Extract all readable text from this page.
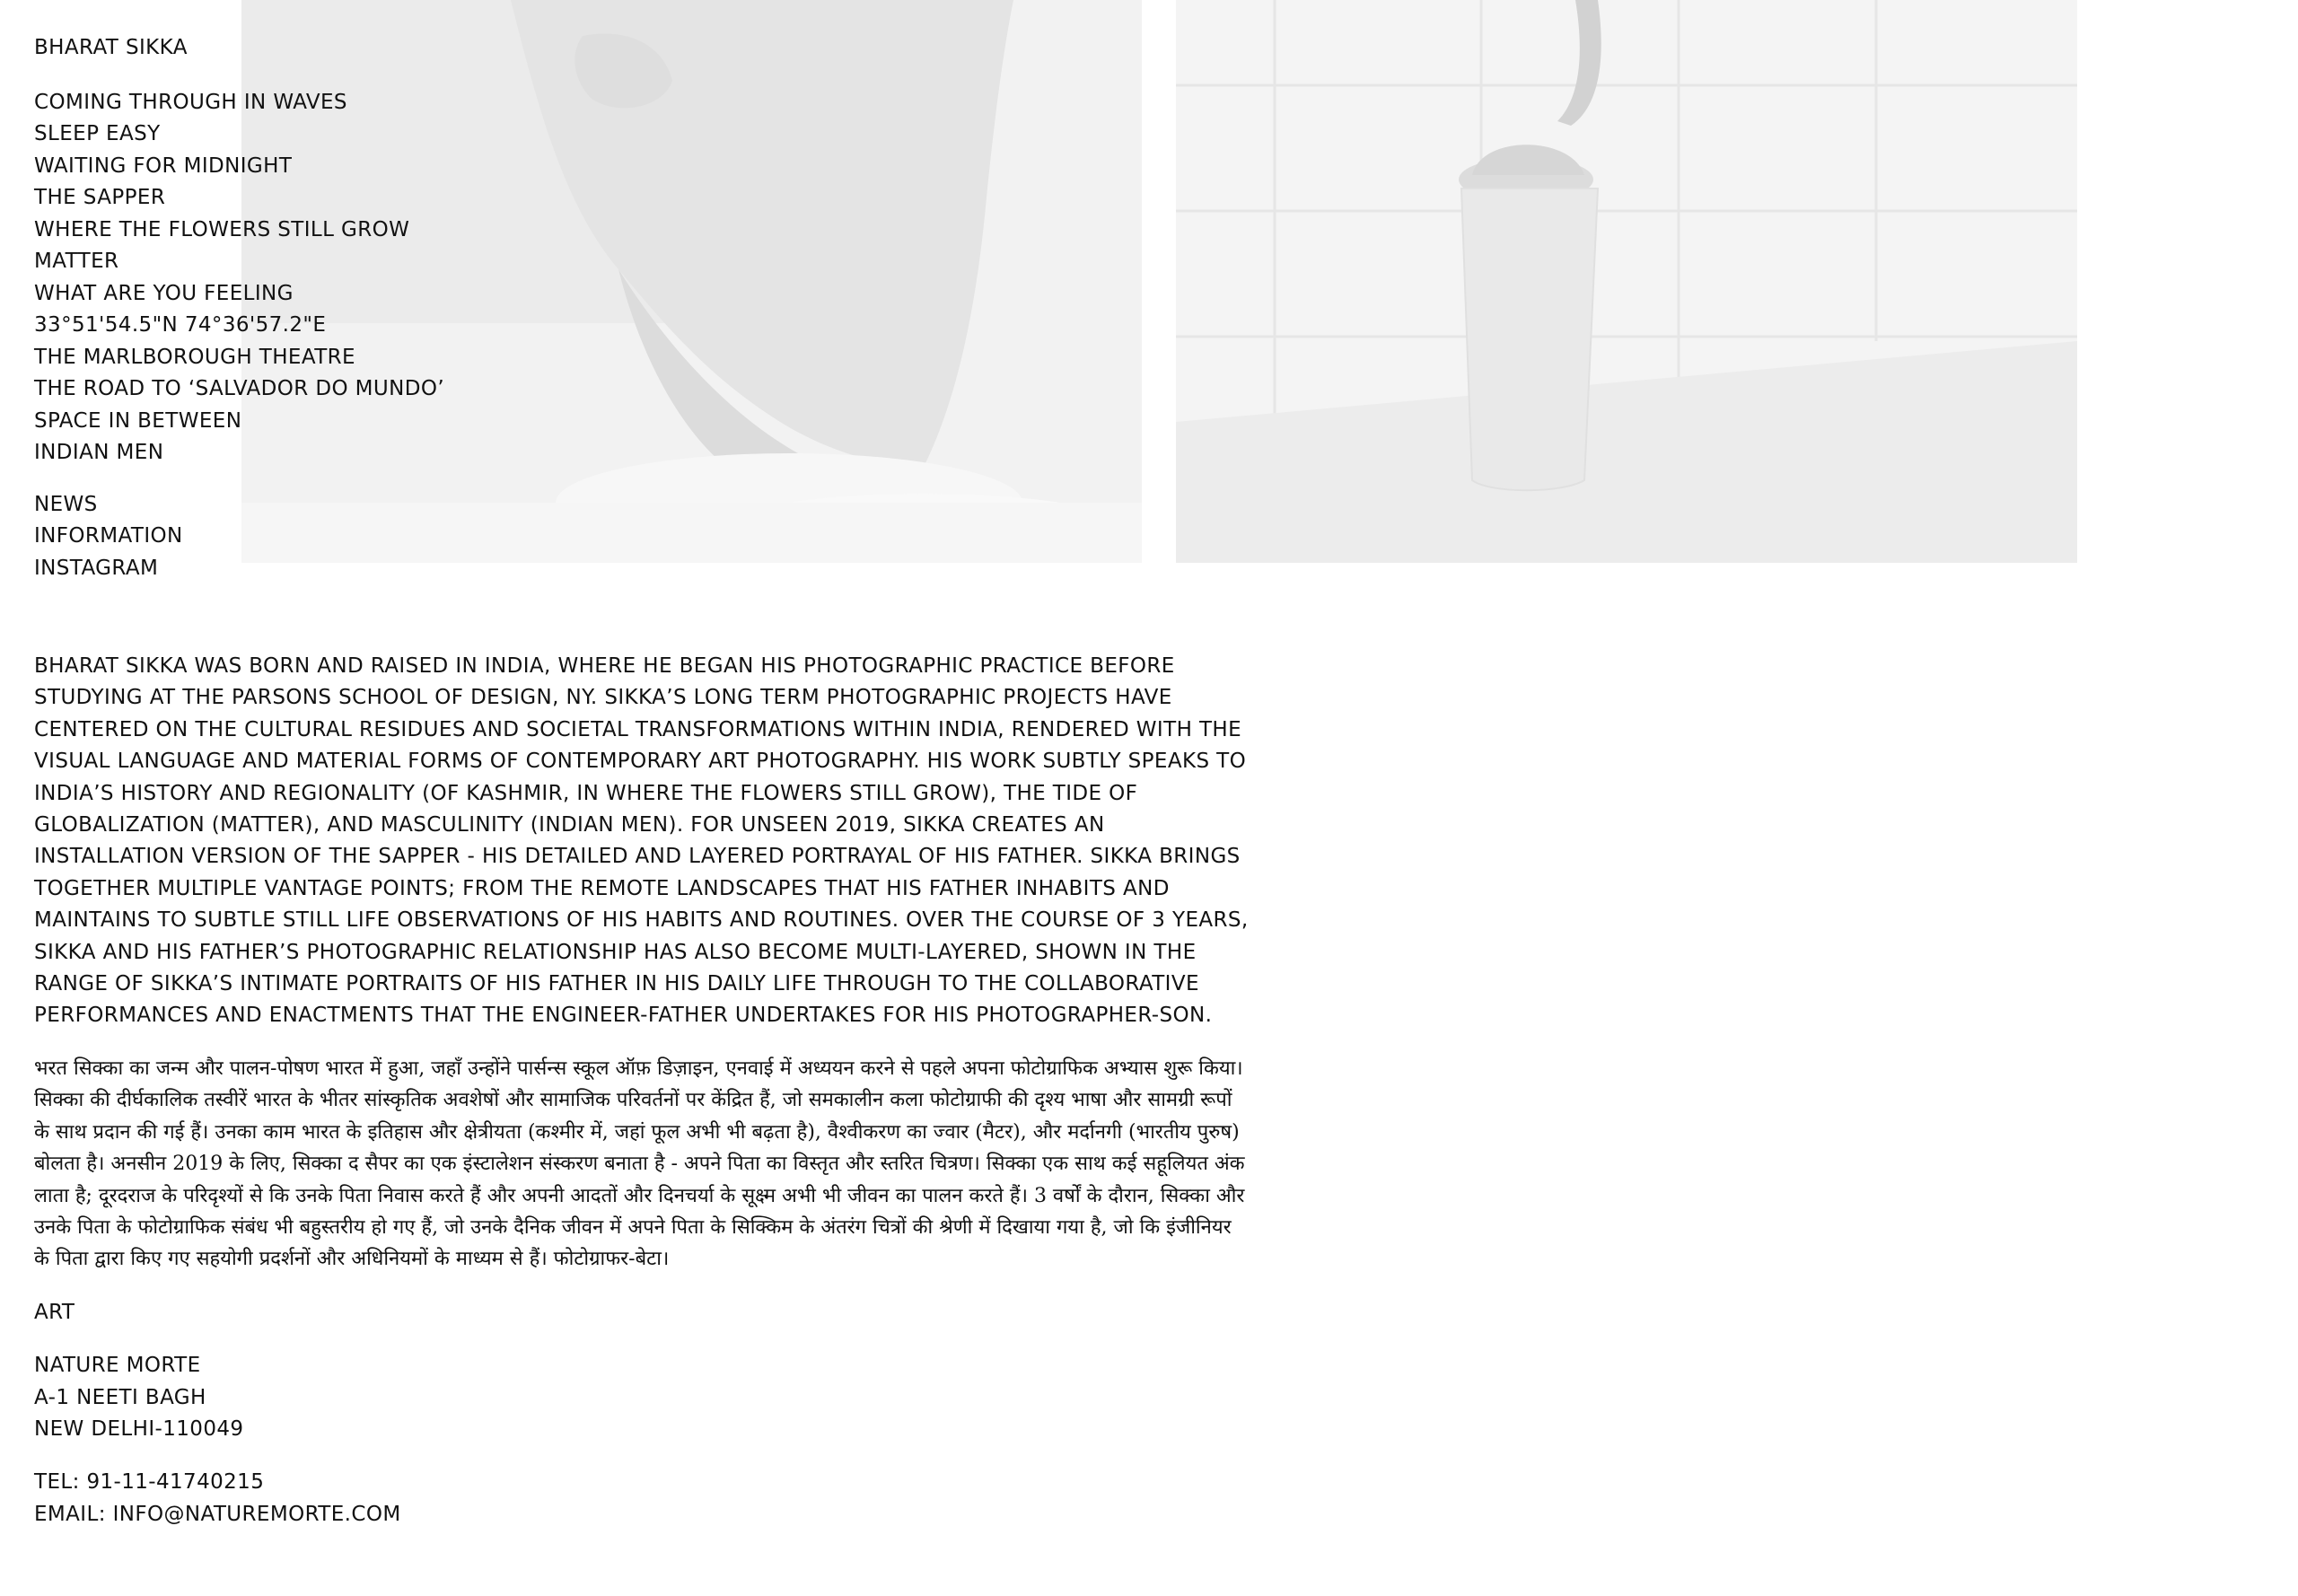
BHARAT SIKKA
COMING THROUGH IN WAVES
SLEEP EASY
WAITING FOR MIDNIGHT
THE SAPPER
WHERE THE FLOWERS STILL GROW
MATTER
WHAT ARE YOU FEELING
33°51'54.5"N 74°36'57.2"E
THE MARLBOROUGH THEATRE
THE ROAD TO ‘SALVADOR DO MUNDO’
SPACE IN BETWEEN
INDIAN MEN
NEWS
INFORMATION
INSTAGRAM

BHARAT SIKKA WAS BORN AND RAISED IN INDIA, WHERE HE BEGAN HIS PHOTOGRAPHIC PRACTICE BEFORE STUDYING AT THE PARSONS SCHOOL OF DESIGN, NY. SIKKA’S LONG TERM PHOTOGRAPHIC PROJECTS HAVE CENTERED ON THE CULTURAL RESIDUES AND SOCIETAL TRANSFORMATIONS WITHIN INDIA, RENDERED WITH THE VISUAL LANGUAGE AND MATERIAL FORMS OF CONTEMPORARY ART PHOTOGRAPHY. HIS WORK SUBTLY SPEAKS TO INDIA’S HISTORY AND REGIONALITY (OF KASHMIR, IN WHERE THE FLOWERS STILL GROW), THE TIDE OF GLOBALIZATION (MATTER), AND MASCULINITY (INDIAN MEN). FOR UNSEEN 2019, SIKKA CREATES AN INSTALLATION VERSION OF THE SAPPER - HIS DETAILED AND LAYERED PORTRAYAL OF HIS FATHER. SIKKA BRINGS TOGETHER MULTIPLE VANTAGE POINTS; FROM THE REMOTE LANDSCAPES THAT HIS FATHER INHABITS AND MAINTAINS TO SUBTLE STILL LIFE OBSERVATIONS OF HIS HABITS AND ROUTINES. OVER THE COURSE OF 3 YEARS, SIKKA AND HIS FATHER’S PHOTOGRAPHIC RELATIONSHIP HAS ALSO BECOME MULTI-LAYERED, SHOWN IN THE RANGE OF SIKKA’S INTIMATE PORTRAITS OF HIS FATHER IN HIS DAILY LIFE THROUGH TO THE COLLABORATIVE PERFORMANCES AND ENACTMENTS THAT THE ENGINEER-FATHER UNDERTAKES FOR HIS PHOTOGRAPHER-SON.

भरत सिक्का का जन्म और पालन-पोषण भारत में हुआ, जहाँ उन्होंने पार्सन्स स्कूल ऑफ़ डिज़ाइन, एनवाई में अध्ययन करने से पहले अपना फोटोग्राफिक अभ्यास शुरू किया। सिक्का की दीर्घकालिक तस्वीरें भारत के भीतर सांस्कृतिक अवशेषों और सामाजिक परिवर्तनों पर केंद्रित हैं, जो समकालीन कला फोटोग्राफी की दृश्य भाषा और सामग्री रूपों के साथ प्रदान की गई हैं। उनका काम भारत के इतिहास और क्षेत्रीयता (कश्मीर में, जहां फूल अभी भी बढ़ता है), वैश्वीकरण का ज्वार (मैटर), और मर्दानगी (भारतीय पुरुष) बोलता है। अनसीन 2019 के लिए, सिक्का द सैपर का एक इंस्टालेशन संस्करण बनाता है - अपने पिता का विस्तृत और स्तरित चित्रण। सिक्का एक साथ कई सहूलियत अंक लाता है; दूरदराज के परिदृश्यों से कि उनके पिता निवास करते हैं और अपनी आदतों और दिनचर्या के सूक्ष्म अभी भी जीवन का पालन करते हैं। 3 वर्षों के दौरान, सिक्का और उनके पिता के फोटोग्राफिक संबंध भी बहुस्तरीय हो गए हैं, जो उनके दैनिक जीवन में अपने पिता के सिक्किम के अंतरंग चित्रों की श्रेणी में दिखाया गया है, जो कि इंजीनियर के पिता द्वारा किए गए सहयोगी प्रदर्शनों और अधिनियमों के माध्यम से हैं। फोटोग्राफर-बेटा।

ART
NATURE MORTE
A-1 NEETI BAGH
NEW DELHI-110049
TEL: 91-11-41740215
EMAIL: INFO@NATUREMORTE.COM
